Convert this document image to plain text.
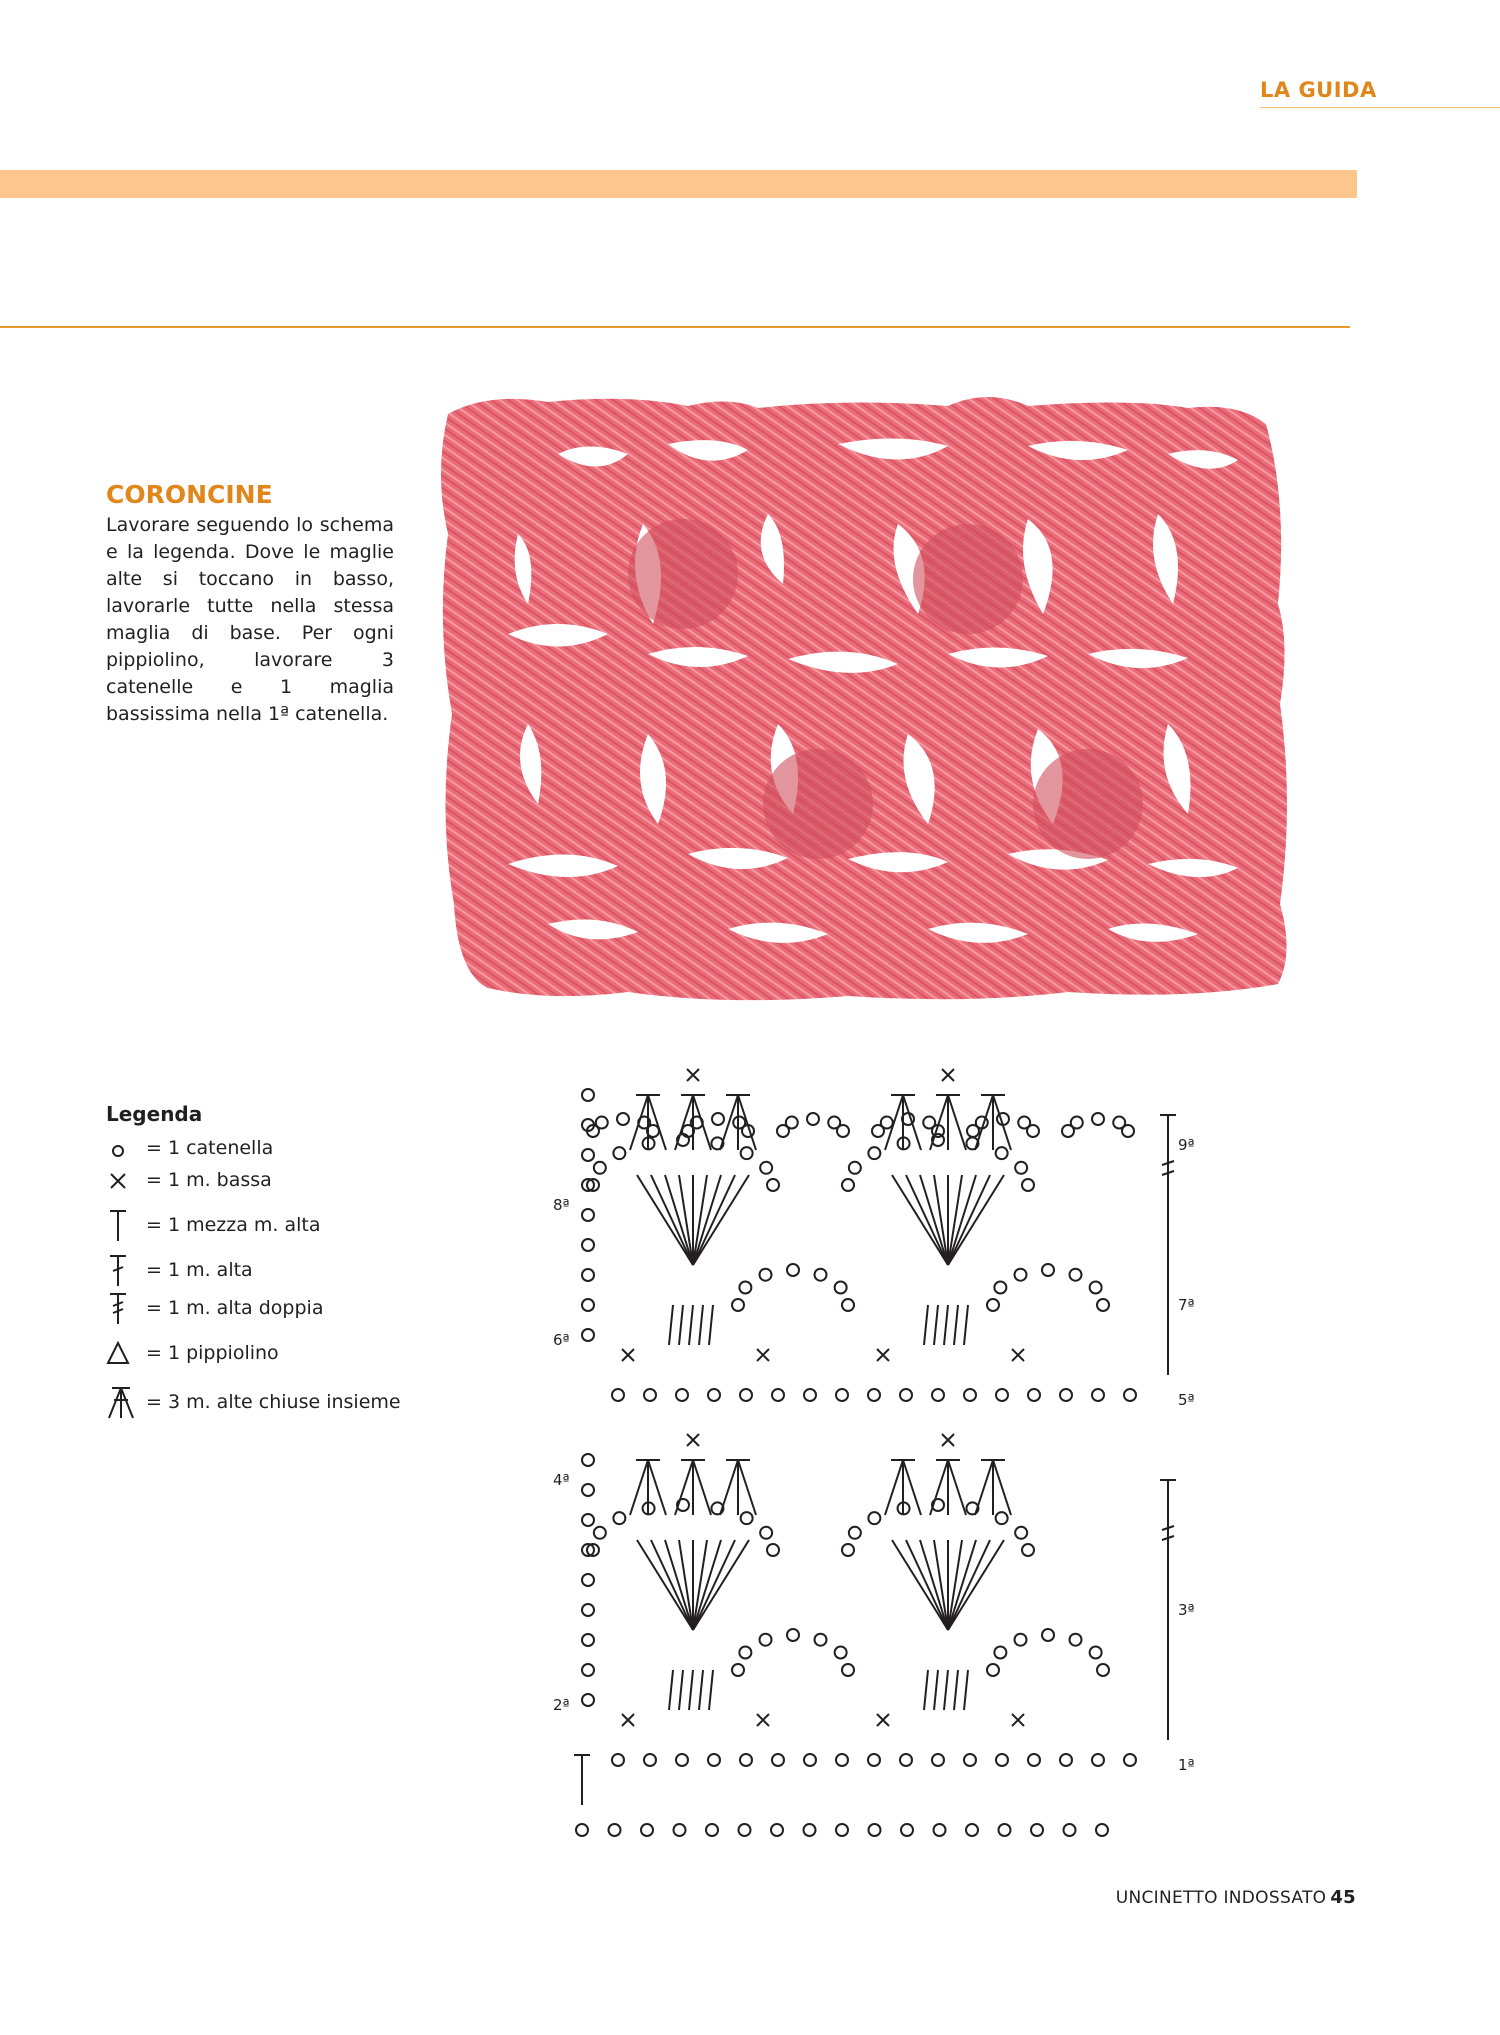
LA GUIDA
CORONCINE
Lavorare seguendo lo schema e la legenda. Dove le maglie alte si toccano in basso, lavorarle tutte nella stessa maglia di base. Per ogni pippiolino, lavorare 3 catenelle e 1 maglia bassissima nella 1ª catenella.
Legenda
= 1 catenella
= 1 m. bassa
= 1 mezza m. alta
= 1 m. alta
= 1 m. alta doppia
= 1 pippiolino
= 3 m. alte chiuse insieme
1ª
2ª
3ª
4ª
5ª
6ª
7ª
8ª
9ª
UNCINETTO INDOSSATO 45
